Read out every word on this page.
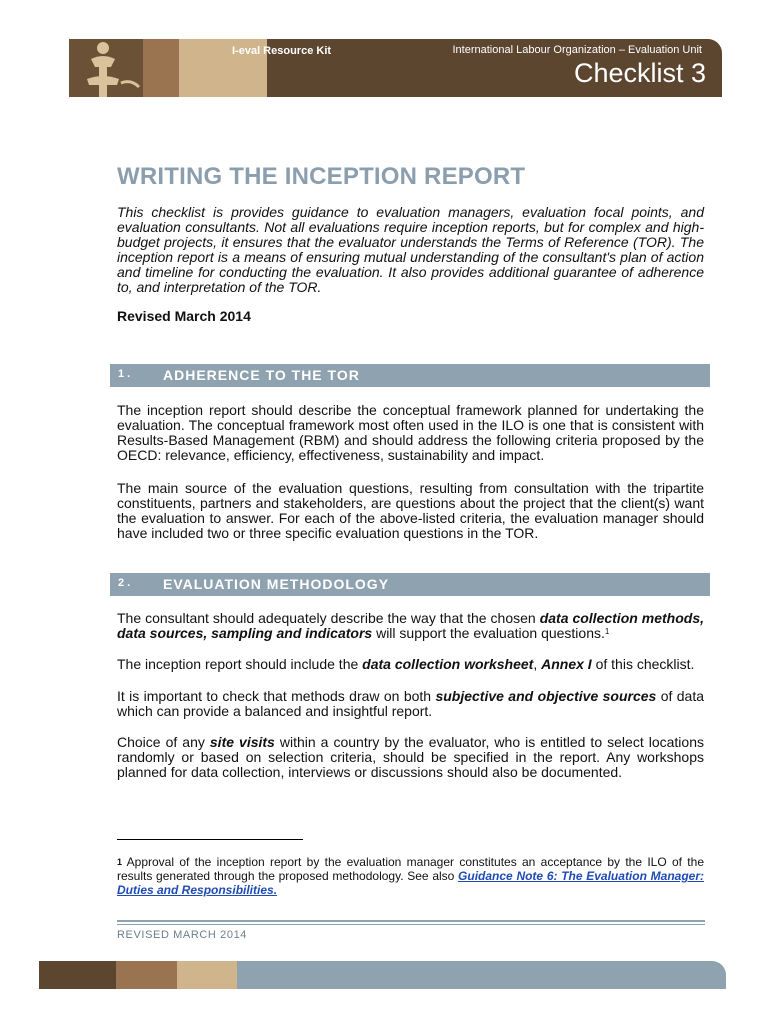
I-eval Resource Kit	International Labour Organization – Evaluation Unit
Checklist 3
WRITING THE INCEPTION REPORT
This checklist is provides guidance to evaluation managers, evaluation focal points, and evaluation consultants. Not all evaluations require inception reports, but for complex and high-budget projects, it ensures that the evaluator understands the Terms of Reference (TOR). The inception report is a means of ensuring mutual understanding of the consultant's plan of action and timeline for conducting the evaluation. It also provides additional guarantee of adherence to, and interpretation of the TOR.
Revised March 2014
1. ADHERENCE TO THE TOR
The inception report should describe the conceptual framework planned for undertaking the evaluation. The conceptual framework most often used in the ILO is one that is consistent with Results-Based Management (RBM) and should address the following criteria proposed by the OECD: relevance, efficiency, effectiveness, sustainability and impact.
The main source of the evaluation questions, resulting from consultation with the tripartite constituents, partners and stakeholders, are questions about the project that the client(s) want the evaluation to answer. For each of the above-listed criteria, the evaluation manager should have included two or three specific evaluation questions in the TOR.
2. EVALUATION METHODOLOGY
The consultant should adequately describe the way that the chosen data collection methods, data sources, sampling and indicators will support the evaluation questions.$^1$
The inception report should include the data collection worksheet, Annex I of this checklist.
It is important to check that methods draw on both subjective and objective sources of data which can provide a balanced and insightful report.
Choice of any site visits within a country by the evaluator, who is entitled to select locations randomly or based on selection criteria, should be specified in the report. Any workshops planned for data collection, interviews or discussions should also be documented.
$^1$ Approval of the inception report by the evaluation manager constitutes an acceptance by the ILO of the results generated through the proposed methodology. See also Guidance Note 6: The Evaluation Manager: Duties and Responsibilities.
REVISED MARCH 2014
